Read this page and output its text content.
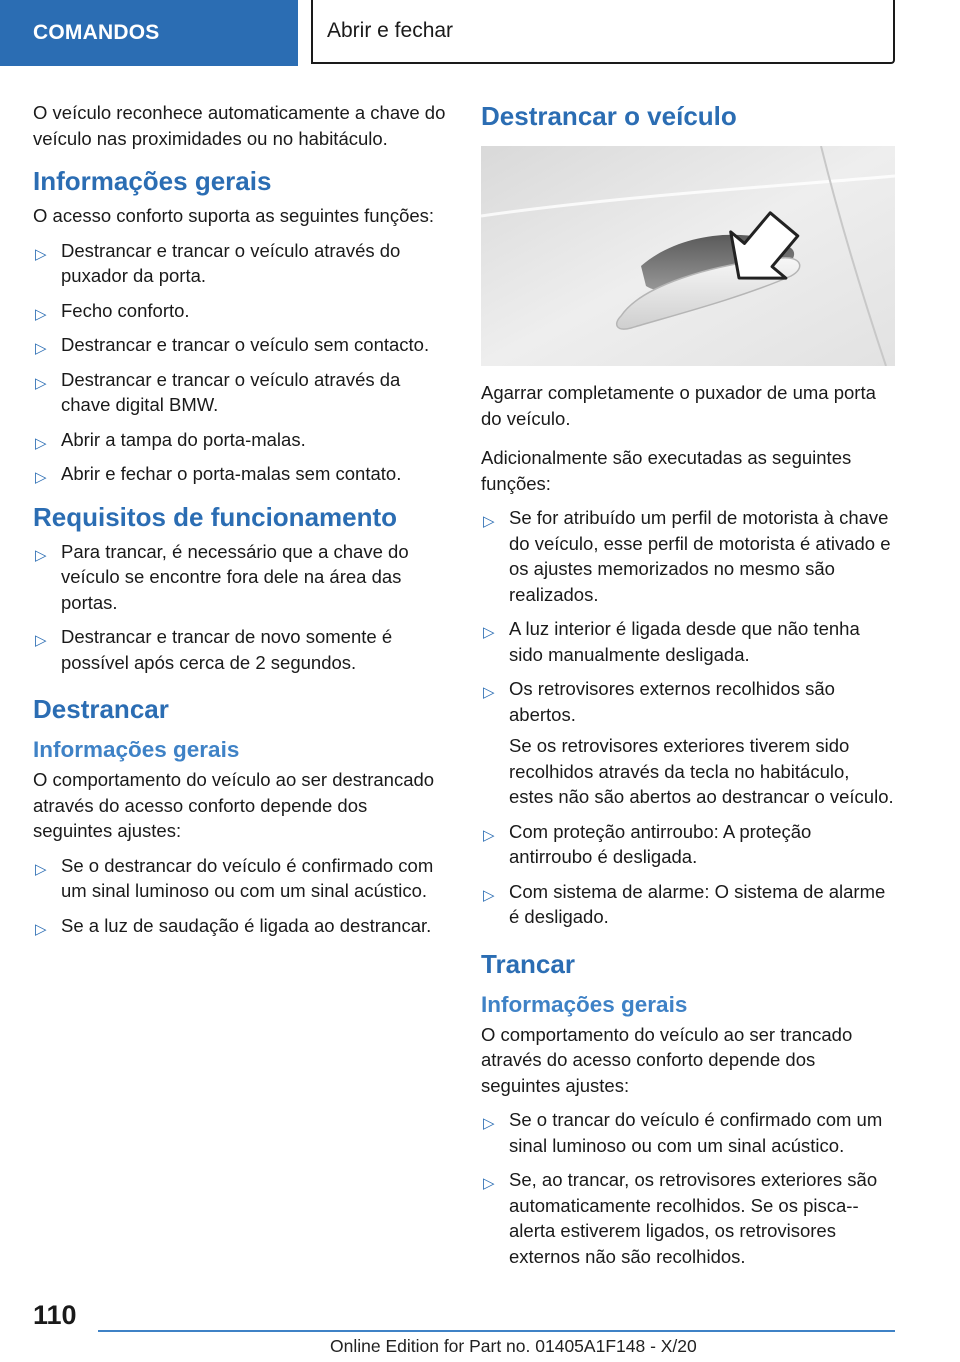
COMANDOS	Abrir e fechar

O veículo reconhece automaticamente a chave do veículo nas proximidades ou no habitáculo.

Informações gerais

O acesso conforto suporta as seguintes funções:

▷ Destrancar e trancar o veículo através do puxador da porta.
▷ Fecho conforto.
▷ Destrancar e trancar o veículo sem contacto.
▷ Destrancar e trancar o veículo através da chave digital BMW.
▷ Abrir a tampa do porta-malas.
▷ Abrir e fechar o porta-malas sem contato.
Requisitos de funcionamento
▷ Para trancar, é necessário que a chave do veículo se encontre fora dele na área das portas.
▷ Destrancar e trancar de novo somente é possível após cerca de 2 segundos.
Destrancar
Informações gerais

O comportamento do veículo ao ser destrancado através do acesso conforto depende dos seguintes ajustes:

▷ Se o destrancar do veículo é confirmado com um sinal luminoso ou com um sinal acústico.
▷ Se a luz de saudação é ligada ao destrancar.
Destrancar o veículo

Agarrar completamente o puxador de uma porta do veículo.

Adicionalmente são executadas as seguintes funções:

▷ Se for atribuído um perfil de motorista à chave do veículo, esse perfil de motorista é ativado e os ajustes memorizados no mesmo são realizados.
▷ A luz interior é ligada desde que não tenha sido manualmente desligada.
▷ Os retrovisores externos recolhidos são abertos.
Se os retrovisores exteriores tiverem sido recolhidos através da tecla no habitáculo, estes não são abertos ao destrancar o veículo.
▷ Com proteção antirroubo: A proteção antirroubo é desligada.
▷ Com sistema de alarme: O sistema de alarme é desligado.
Trancar
Informações gerais

O comportamento do veículo ao ser trancado através do acesso conforto depende dos seguintes ajustes:

▷ Se o trancar do veículo é confirmado com um sinal luminoso ou com um sinal acústico.
▷ Se, ao trancar, os retrovisores exteriores são automaticamente recolhidos. Se os pisca--alerta estiverem ligados, os retrovisores externos não são recolhidos.
110
Online Edition for Part no. 01405A1F148 - X/20
